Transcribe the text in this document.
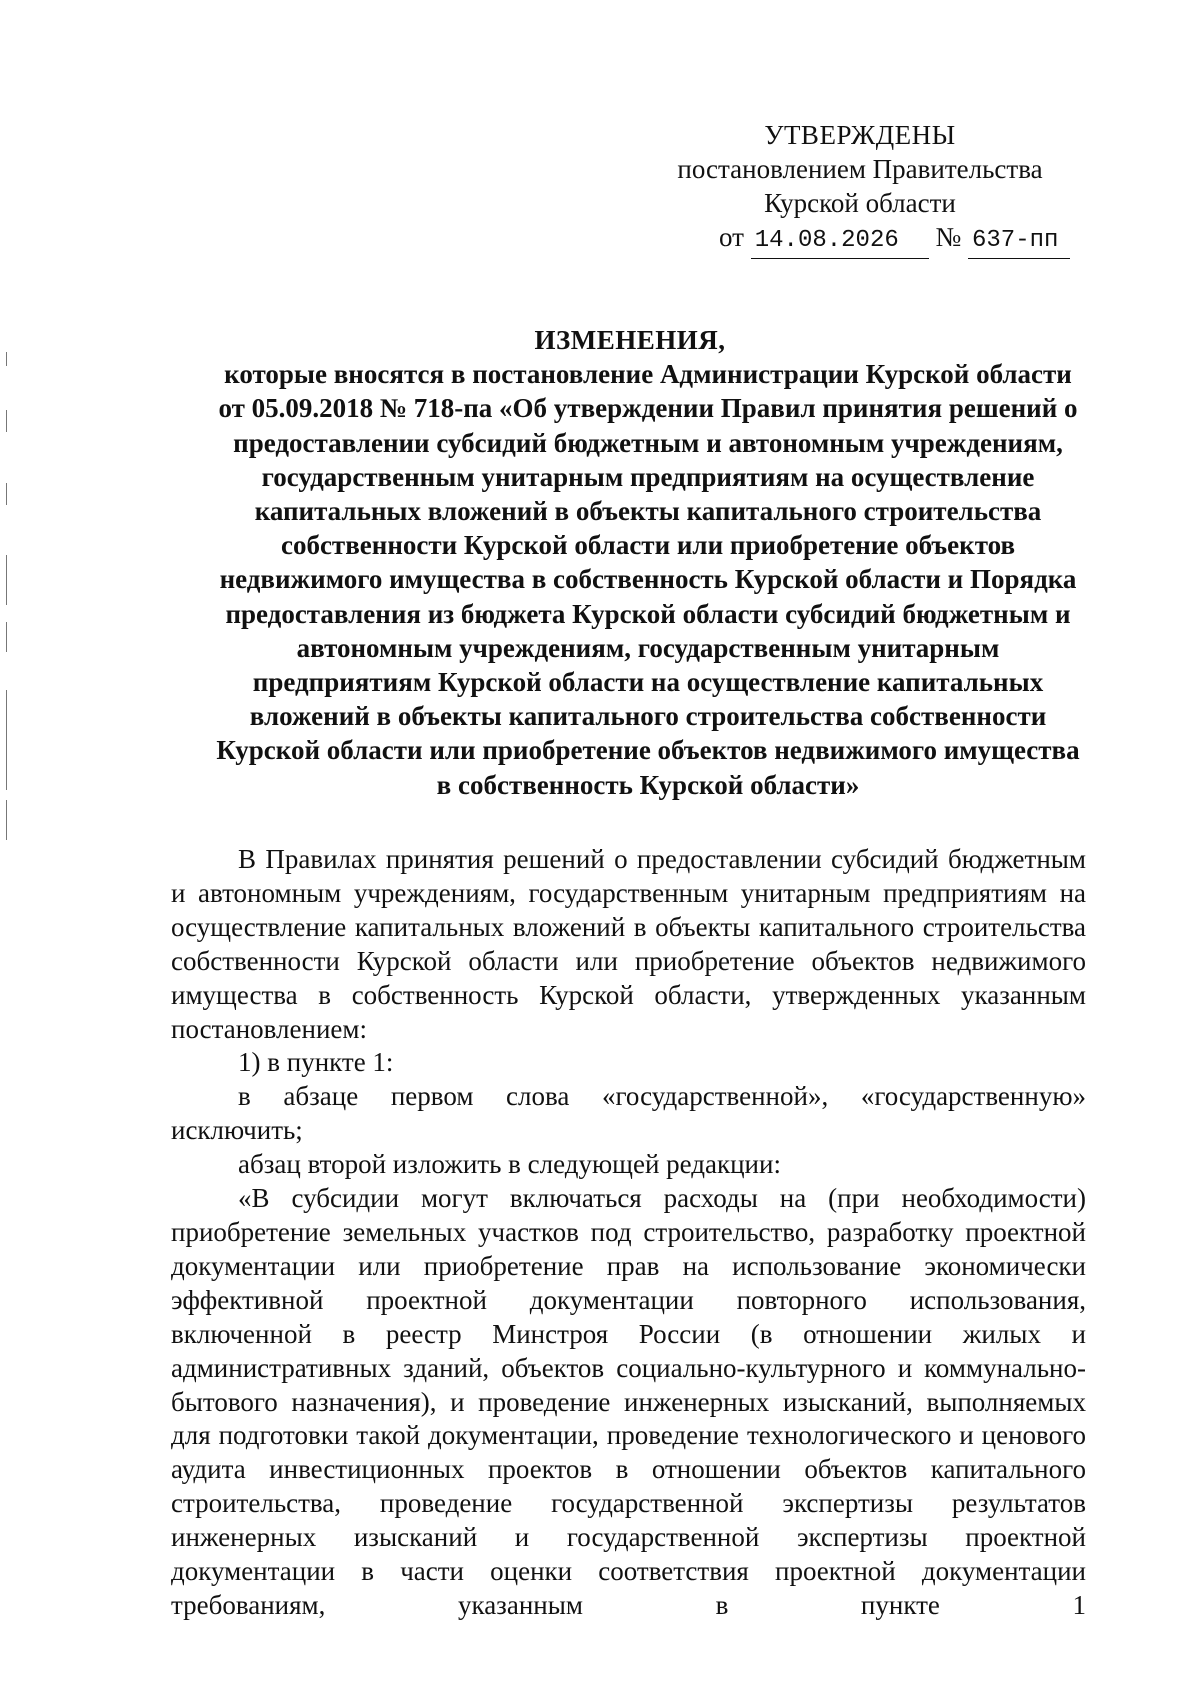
УТВЕРЖДЕНЫ
постановлением Правительства
Курской области
от 14.08.2026 № 637-пп
ИЗМЕНЕНИЯ,

которые вносятся в постановление Администрации Курской области от 05.09.2018 № 718-па «Об утверждении Правил принятия решений о предоставлении субсидий бюджетным и автономным учреждениям, государственным унитарным предприятиям на осуществление капитальных вложений в объекты капитального строительства собственности Курской области или приобретение объектов недвижимого имущества в собственность Курской области и Порядка предоставления из бюджета Курской области субсидий бюджетным и автономным учреждениям, государственным унитарным предприятиям Курской области на осуществление капитальных вложений в объекты капитального строительства собственности Курской области или приобретение объектов недвижимого имущества в собственность Курской области»

В Правилах принятия решений о предоставлении субсидий бюджетным и автономным учреждениям, государственным унитарным предприятиям на осуществление капитальных вложений в объекты капитального строительства собственности Курской области или приобретение объектов недвижимого имущества в собственность Курской области, утвержденных указанным постановлением:

1) в пункте 1:

в абзаце первом слова «государственной», «государственную» исключить;

абзац второй изложить в следующей редакции:

«В субсидии могут включаться расходы на (при необходимости) приобретение земельных участков под строительство, разработку проектной документации или приобретение прав на использование экономически эффективной проектной документации повторного использования, включенной в реестр Минстроя России (в отношении жилых и административных зданий, объектов социально-культурного и коммунально-бытового назначения), и проведение инженерных изысканий, выполняемых для подготовки такой документации, проведение технологического и ценового аудита инвестиционных проектов в отношении объектов капитального строительства, проведение государственной экспертизы результатов инженерных изысканий и государственной экспертизы проектной документации в части оценки соответствия проектной документации требованиям, указанным в пункте 1
